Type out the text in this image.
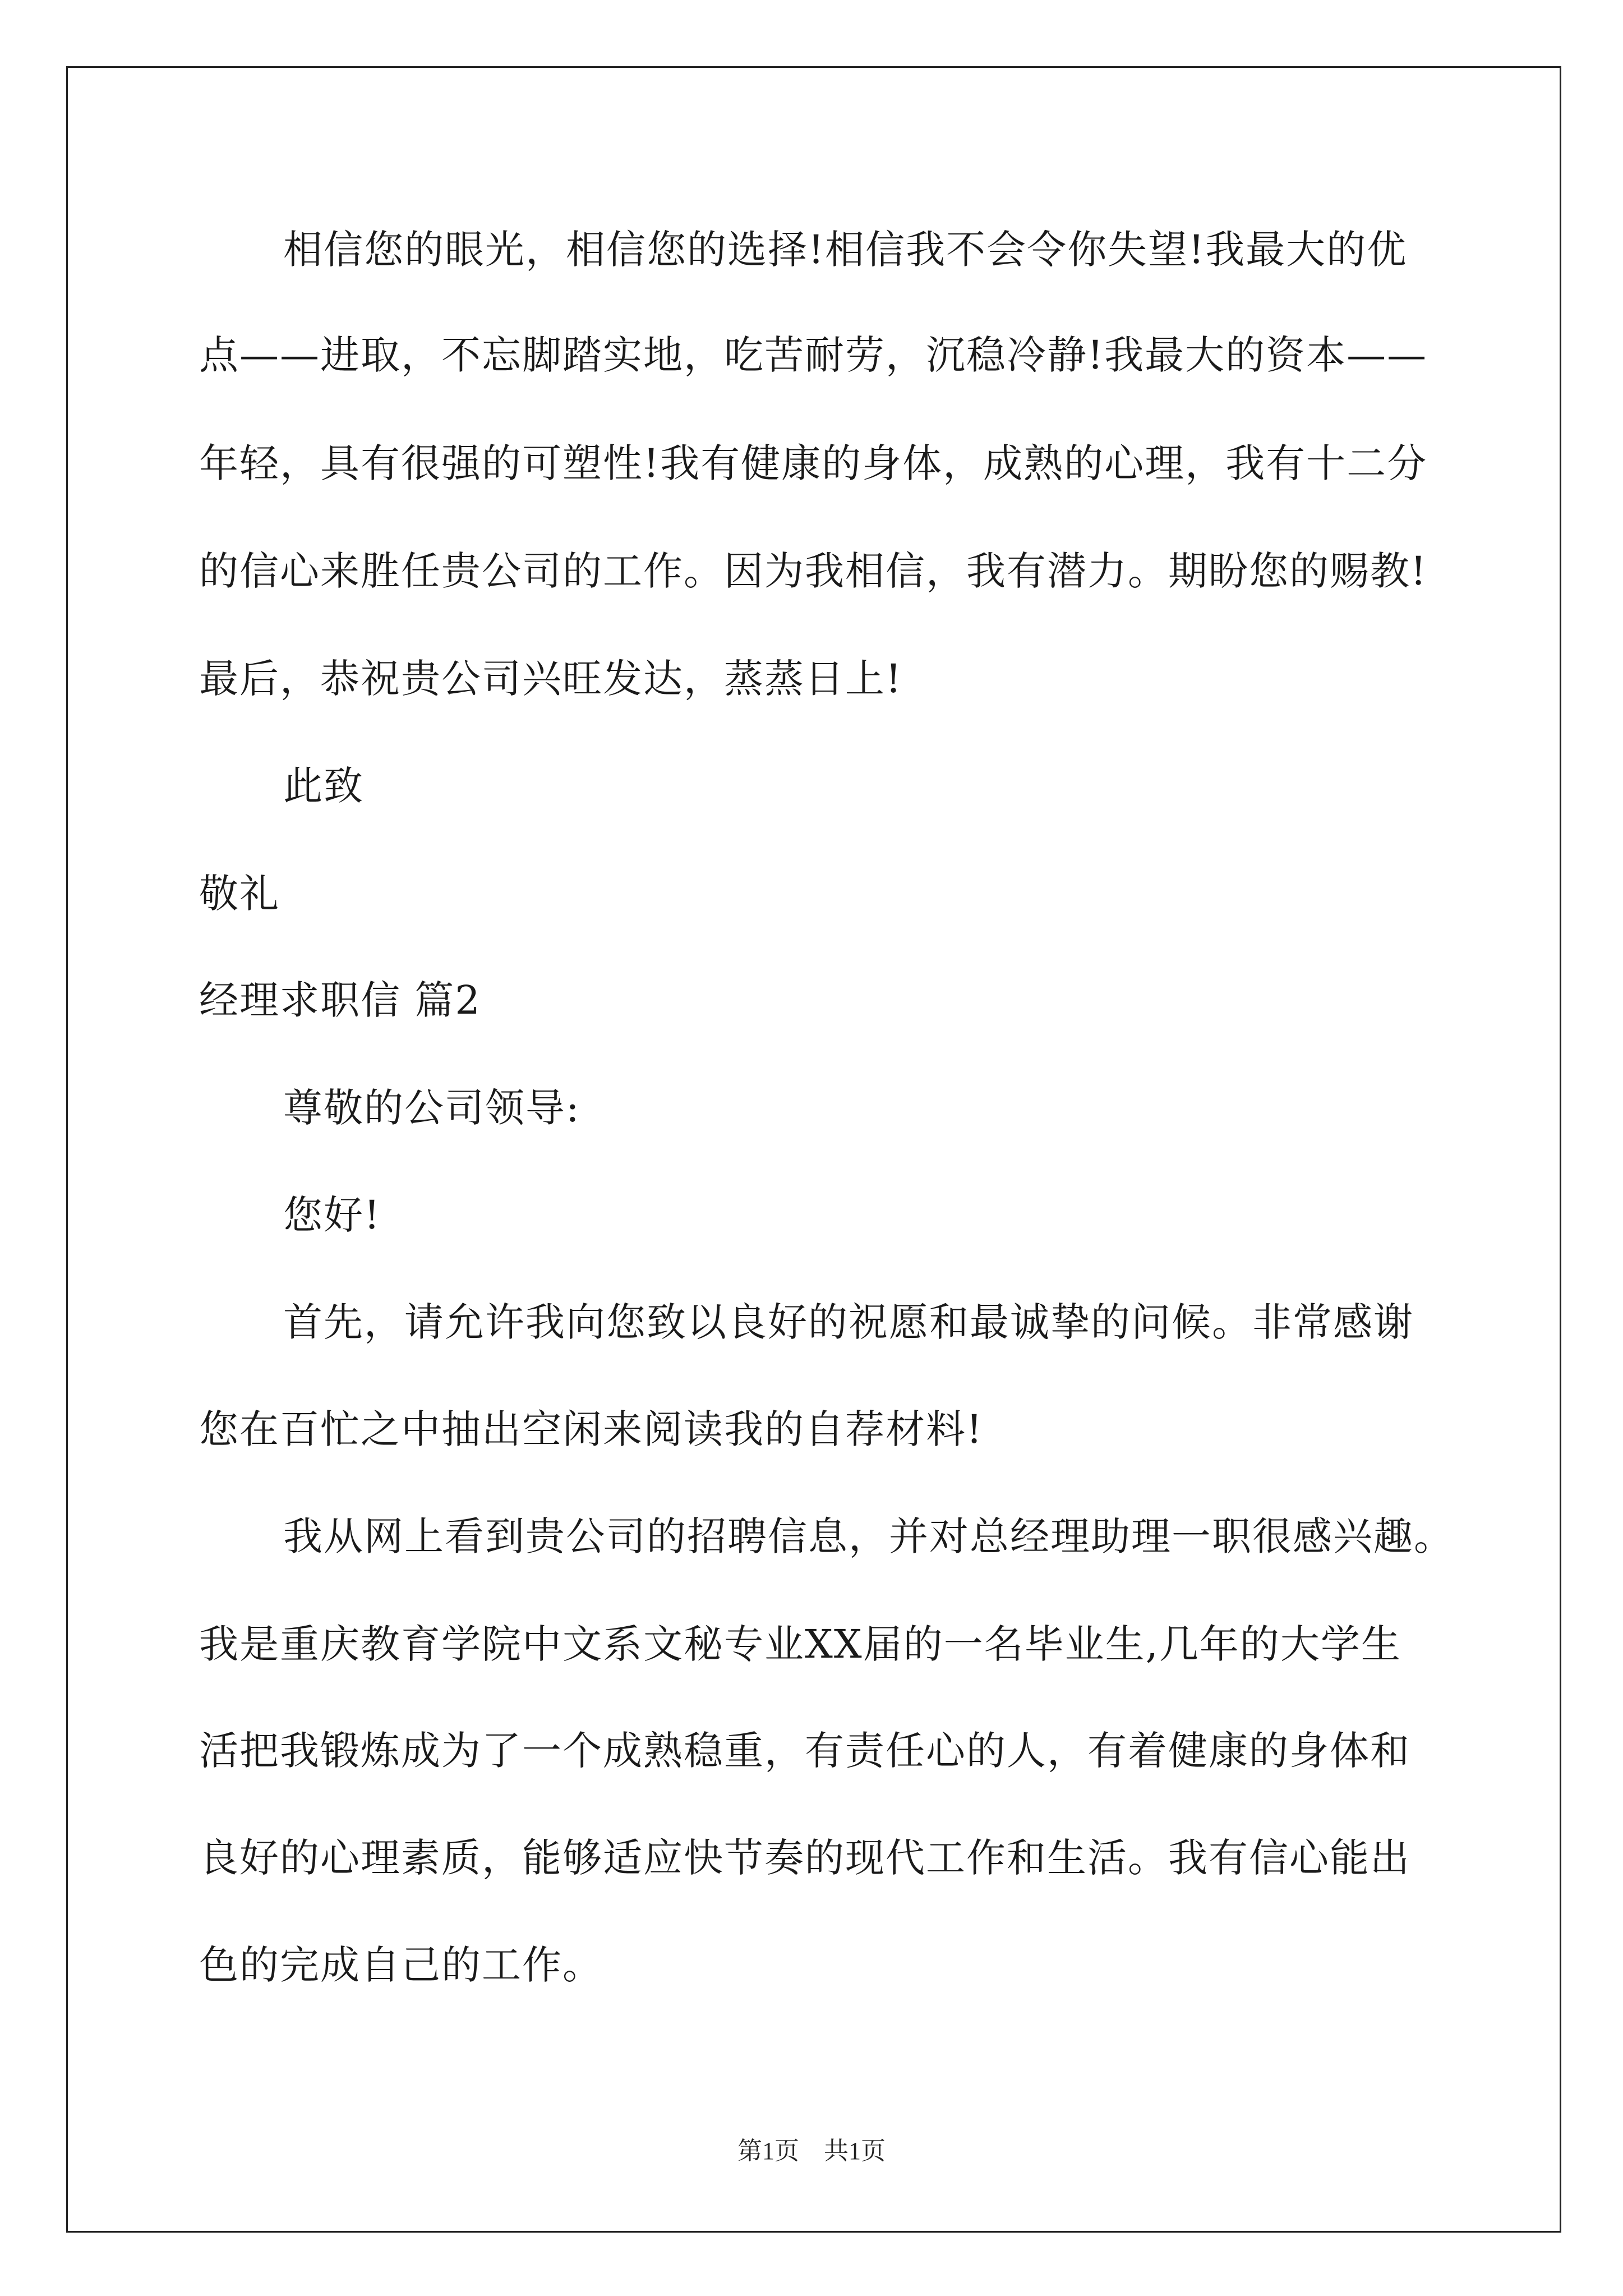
相信您的眼光，相信您的选择!相信我不会令你失望!我最大的优

点——进取，不忘脚踏实地，吃苦耐劳，沉稳冷静!我最大的资本——

年轻，具有很强的可塑性!我有健康的身体，成熟的心理，我有十二分

的信心来胜任贵公司的工作。因为我相信，我有潜力。期盼您的赐教!

最后，恭祝贵公司兴旺发达，蒸蒸日上!

此致

敬礼

经理求职信 篇2

尊敬的公司领导:

您好!

首先，请允许我向您致以良好的祝愿和最诚挚的问候。非常感谢

您在百忙之中抽出空闲来阅读我的自荐材料!

我从网上看到贵公司的招聘信息，并对总经理助理一职很感兴趣。

我是重庆教育学院中文系文秘专业XX届的一名毕业生,几年的大学生

活把我锻炼成为了一个成熟稳重，有责任心的人，有着健康的身体和

良好的心理素质，能够适应快节奏的现代工作和生活。我有信心能出

色的完成自己的工作。

第1页　共1页
